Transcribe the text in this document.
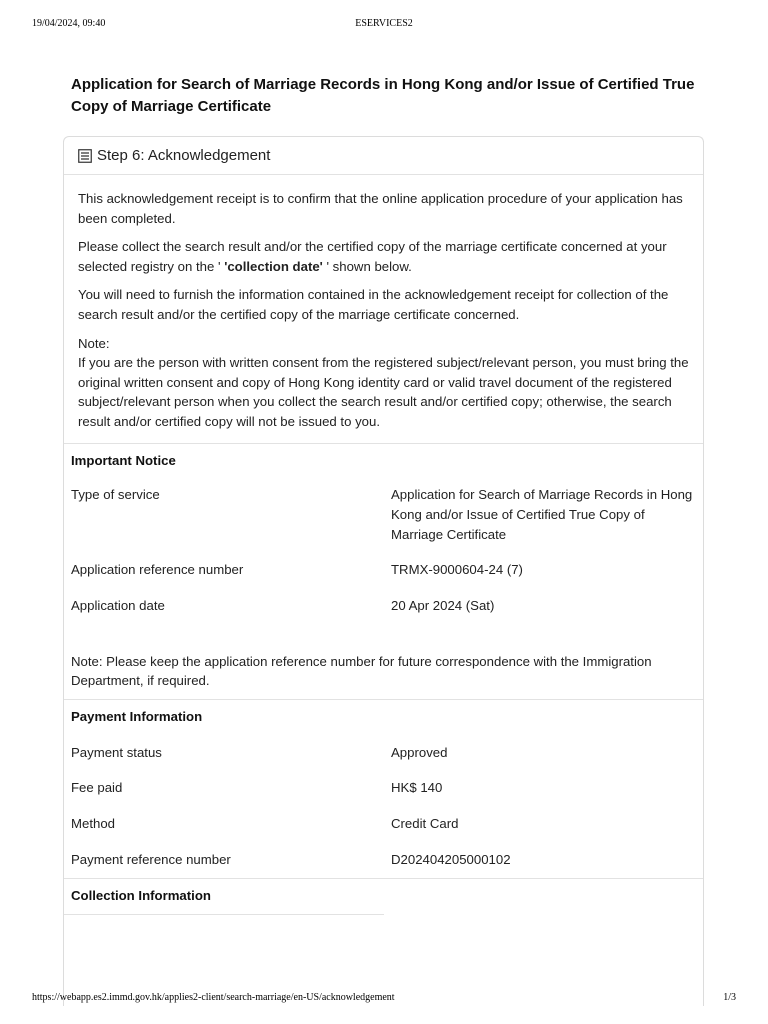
19/04/2024, 09:40	ESERVICES2
Application for Search of Marriage Records in Hong Kong and/or Issue of Certified True Copy of Marriage Certificate
Step 6: Acknowledgement

This acknowledgement receipt is to confirm that the online application procedure of your application has been completed.

Please collect the search result and/or the certified copy of the marriage certificate concerned at your selected registry on the ' 'collection date' ' shown below.

You will need to furnish the information contained in the acknowledgement receipt for collection of the search result and/or the certified copy of the marriage certificate concerned.

Note:

If you are the person with written consent from the registered subject/relevant person, you must bring the original written consent and copy of Hong Kong identity card or valid travel document of the registered subject/relevant person when you collect the search result and/or certified copy; otherwise, the search result and/or certified copy will not be issued to you.

Important Notice
Type of service	Application for Search of Marriage Records in Hong Kong and/or Issue of Certified True Copy of Marriage Certificate
Application reference number	TRMX-9000604-24 (7)
Application date	20 Apr 2024 (Sat)
Note: Please keep the application reference number for future correspondence with the Immigration Department, if required.
Payment Information
Payment status	Approved
Fee paid	HK$ 140
Method	Credit Card
Payment reference number	D202404205000102
Collection Information
https://webapp.es2.immd.gov.hk/applies2-client/search-marriage/en-US/acknowledgement	1/3
